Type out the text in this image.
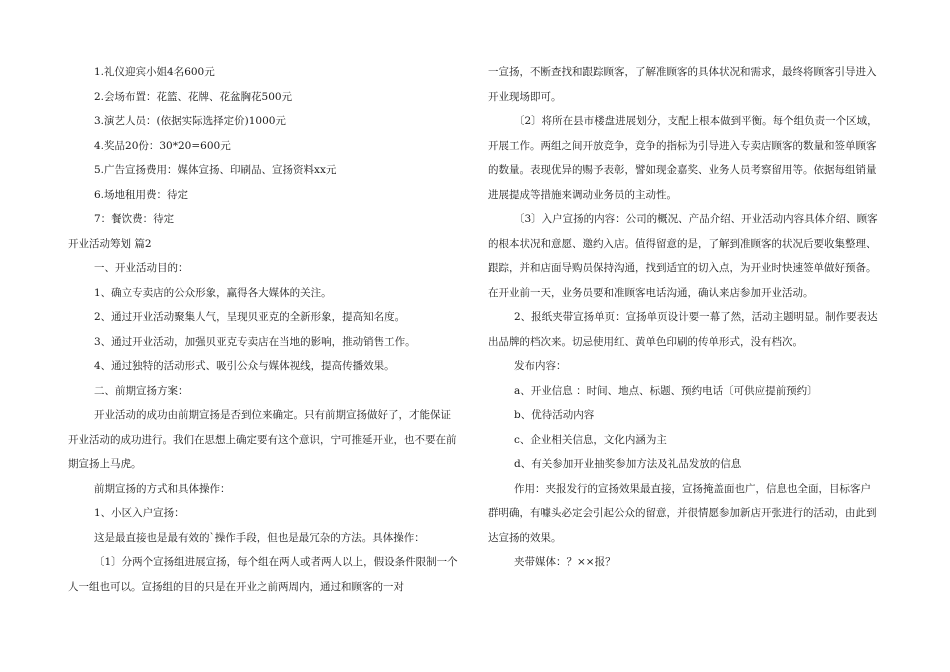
1.礼仪迎宾小姐4名600元

2.会场布置：花篮、花牌、花盆胸花500元

3.演艺人员：(依据实际选择定价)1000元

4.奖品20份：30*20=600元

5.广告宣扬费用：媒体宣扬、印刷品、宣扬资料xx元

6.场地租用费：待定

7：餐饮费：待定

开业活动筹划 篇2

一、开业活动目的：

1、确立专卖店的公众形象，赢得各大媒体的关注。

2、通过开业活动聚集人气，呈现贝亚克的全新形象，提高知名度。

3、通过开业活动，加强贝亚克专卖店在当地的影响，推动销售工作。

4、通过独特的活动形式、吸引公众与媒体视线，提高传播效果。

二、前期宣扬方案：

开业活动的成功由前期宣扬是否到位来确定。只有前期宣扬做好了，才能保证开业活动的成功进行。我们在思想上确定要有这个意识，宁可推延开业，也不要在前期宣扬上马虎。

前期宣扬的方式和具体操作：

1、小区入户宣扬：

这是最直接也是最有效的`操作手段，但也是最冗杂的方法。具体操作：

〔1〕分两个宣扬组进展宣扬，每个组在两人或者两人以上，假设条件限制一个人一组也可以。宣扬组的目的只是在开业之前两周内，通过和顾客的一对

一宣扬，不断查找和跟踪顾客，了解准顾客的具体状况和需求，最终将顾客引导进入开业现场即可。

〔2〕将所在县市楼盘进展划分，支配上根本做到平衡。每个组负责一个区域，开展工作。两组之间开放竞争，竞争的指标为引导进入专卖店顾客的数量和签单顾客的数量。表现优异的赐予表彰，譬如现金嘉奖、业务人员考察留用等。依据每组销量进展提成等措施来调动业务员的主动性。

〔3〕入户宣扬的内容：公司的概况、产品介绍、开业活动内容具体介绍、顾客的根本状况和意愿、邀约入店。值得留意的是，了解到准顾客的状况后要收集整理、跟踪，并和店面导购员保持沟通，找到适宜的切入点，为开业时快速签单做好预备。在开业前一天，业务员要和准顾客电话沟通，确认来店参加开业活动。

2、报纸夹带宣扬单页：宣扬单页设计要一幕了然，活动主题明显。制作要表达出品牌的档次来。切忌使用红、黄单色印刷的传单形式，没有档次。

发布内容：

a、开业信息 ：时间、地点、标题、预约电话〔可供应提前预约〕

b、优待活动内容

c、企业相关信息，文化内涵为主

d、有关参加开业抽奖参加方法及礼品发放的信息

作用：夹报发行的宣扬效果最直接，宣扬掩盖面也广，信息也全面，目标客户群明确，有噱头必定会引起公众的留意，并很情愿参加新店开张进行的活动，由此到达宣扬的效果。

夹带媒体：？××报？
